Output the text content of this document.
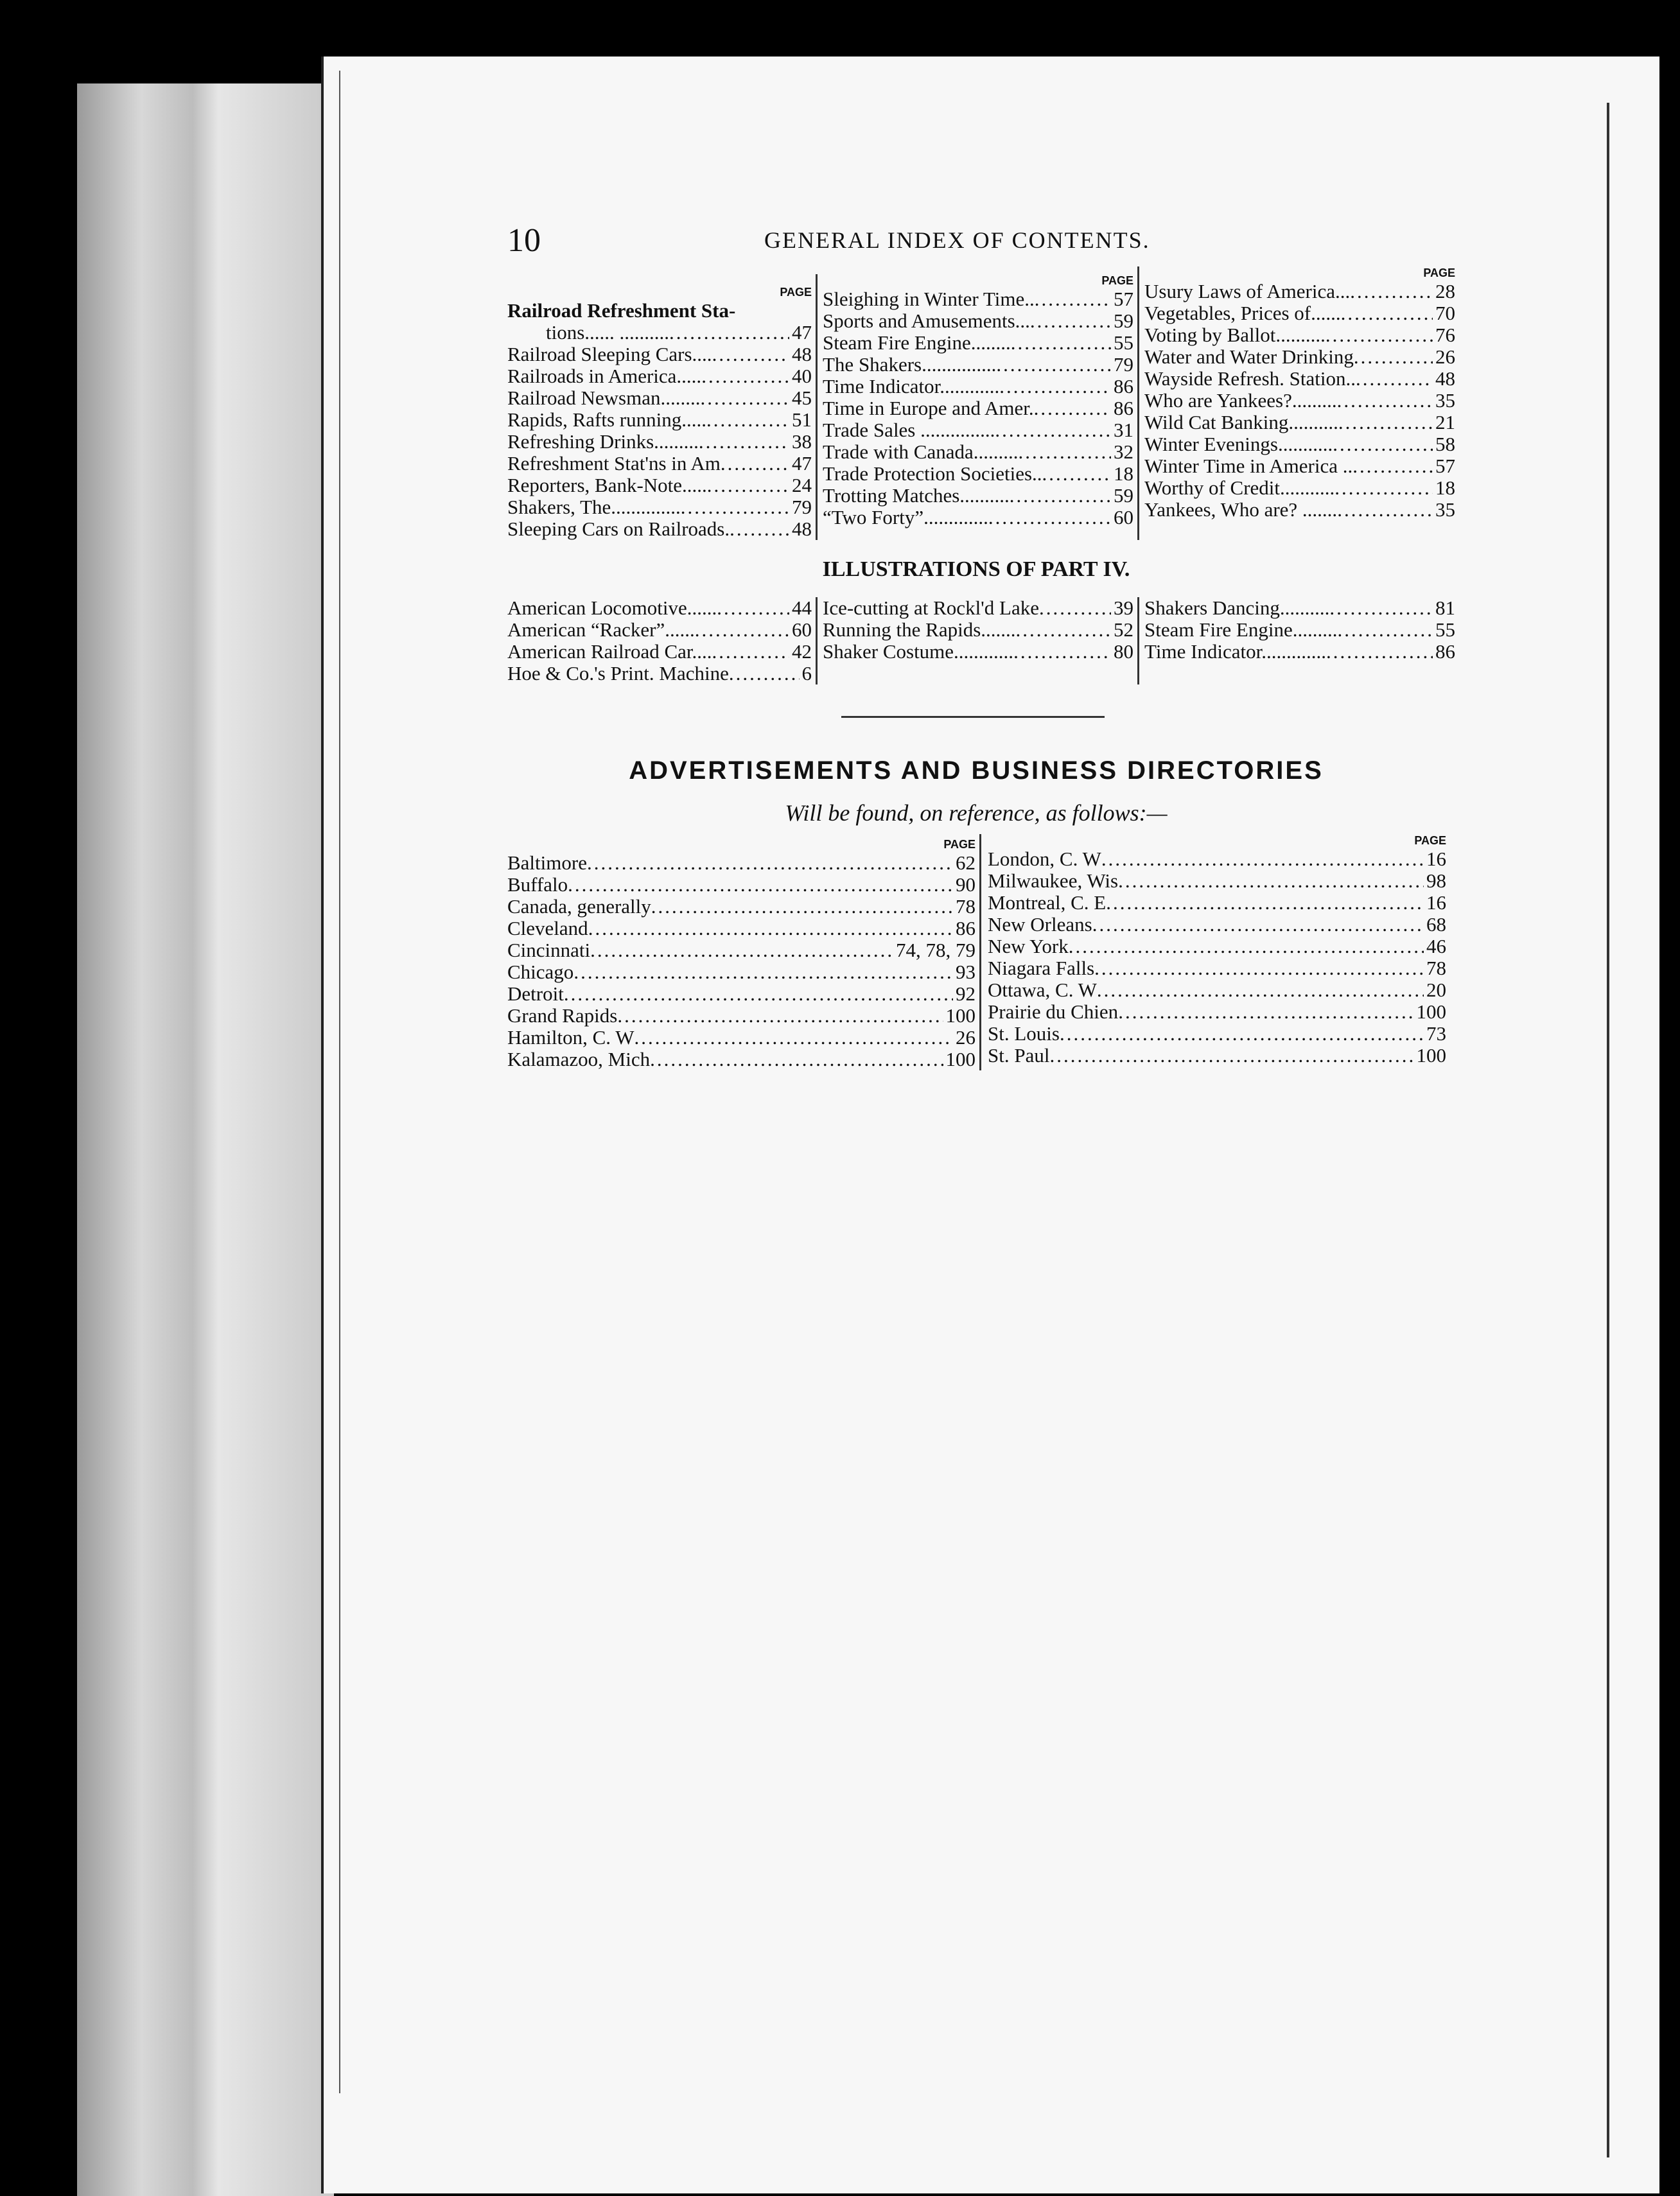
10	GENERAL INDEX OF CONTENTS.
PAGE
Railroad Refreshment Sta-
tions...... .......... .....	47
Railroad Sleeping Cars.... .....	48
Railroads in America..... .....	40
Railroad Newsman........ .....	45
Rapids, Rafts running..... .....	51
Refreshing Drinks......... .....	38
Refreshment Stat'ns in Am .....	47
Reporters, Bank-Note..... .....	24
Shakers, The.............. .....	79
Sleeping Cars on Railroads. .....	48
PAGE
Sleighing in Winter Time.. .....	57
Sports and Amusements... .....	59
Steam Fire Engine........ .....	55
The Shakers............... .....	79
Time Indicator............ .....	86
Time in Europe and Amer. .....	86
Trade Sales ............... .....	31
Trade with Canada......... .....	32
Trade Protection Societies.. .....	18
Trotting Matches.......... .....	59
“Two Forty”............. .....	60
PAGE
Usury Laws of America... .....	28
Vegetables, Prices of...... .....	70
Voting by Ballot.......... .....	76
Water and Water Drinking .....	26
Wayside Refresh. Station.. .....	48
Who are Yankees?......... .....	35
Wild Cat Banking.......... .....	21
Winter Evenings........... .....	58
Winter Time in America .. .....	57
Worthy of Credit........... .....	18
Yankees, Who are? ....... .....	35
ILLUSTRATIONS OF PART IV.
American Locomotive...... .....	44
American “Racker”...... .....	60
American Railroad Car.... .....	42
Hoe & Co.'s Print. Machine .....	6
Ice-cutting at Rockl'd Lake .....	39
Running the Rapids....... .....	52
Shaker Costume............ .....	80
Shakers Dancing.......... .....	81
Steam Fire Engine......... .....	55
Time Indicator............. .....	86
ADVERTISEMENTS AND BUSINESS DIRECTORIES
Will be found, on reference, as follows:—
PAGE
Baltimore .....	62
Buffalo .....	90
Canada, generally .....	78
Cleveland .....	86
Cincinnati .....	74, 78, 79
Chicago .....	93
Detroit .....	92
Grand Rapids .....	100
Hamilton, C. W .....	26
Kalamazoo, Mich .....	100
PAGE
London, C. W .....	16
Milwaukee, Wis .....	98
Montreal, C. E .....	16
New Orleans .....	68
New York .....	46
Niagara Falls .....	78
Ottawa, C. W .....	20
Prairie du Chien .....	100
St. Louis .....	73
St. Paul .....	100
